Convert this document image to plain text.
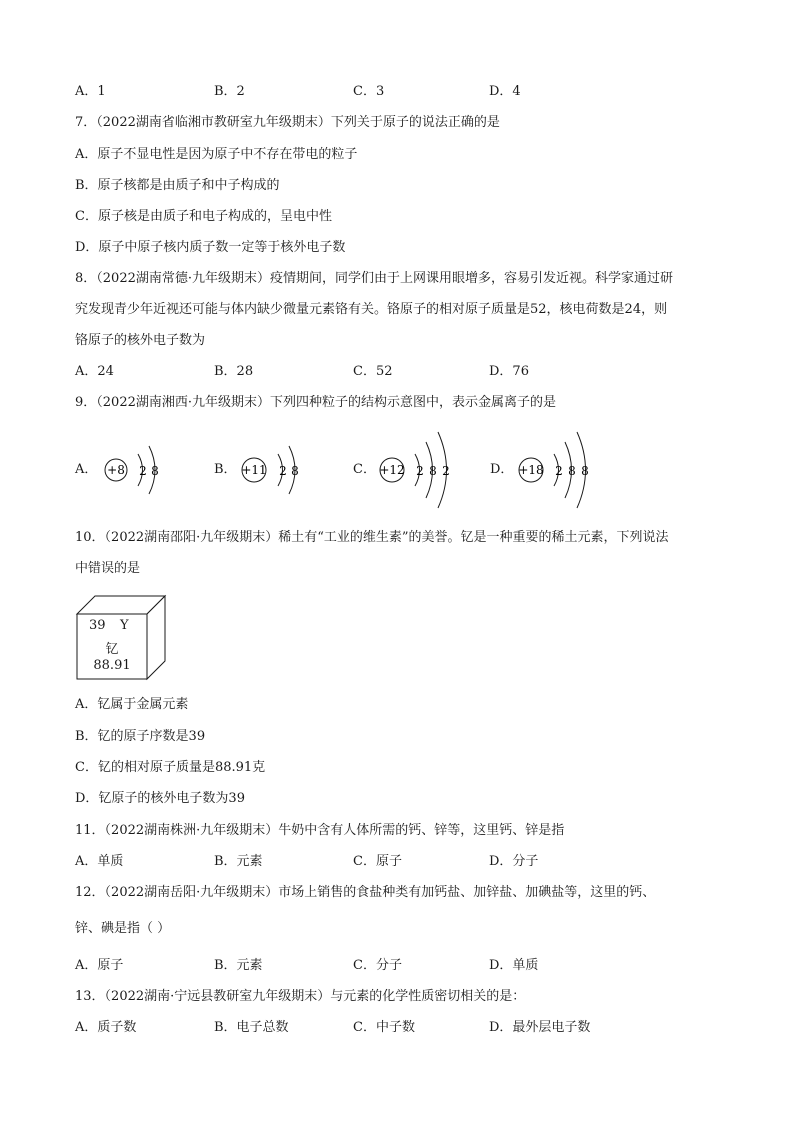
A．1	B．2	C．3	D．4
7．（2022湖南省临湘市教研室九年级期末）下列关于原子的说法正确的是
A．原子不显电性是因为原子中不存在带电的粒子
B．原子核都是由质子和中子构成的
C．原子核是由质子和电子构成的，呈电中性
D．原子中原子核内质子数一定等于核外电子数
8．（2022湖南常德·九年级期末）疫情期间，同学们由于上网课用眼增多，容易引发近视。科学家通过研
究发现青少年近视还可能与体内缺少微量元素铬有关。铬原子的相对原子质量是52，核电荷数是24，则
铬原子的核外电子数为
A．24	B．28	C．52	D．76
9．（2022湖南湘西·九年级期末）下列四种粒子的结构示意图中，表示金属离子的是
A． +8 2 8	B． +11 2 8	C． +12 2 8 2	D． +18 2 8 8
10．（2022湖南邵阳·九年级期末）稀土有“工业的维生素”的美誉。钇是一种重要的稀土元素，下列说法
中错误的是
39 Y
钇
88.91
A．钇属于金属元素
B．钇的原子序数是39
C．钇的相对原子质量是88.91克
D．钇原子的核外电子数为39
11．（2022湖南株洲·九年级期末）牛奶中含有人体所需的钙、锌等，这里钙、锌是指
A．单质	B．元素	C．原子	D．分子
12．（2022湖南岳阳·九年级期末）市场上销售的食盐种类有加钙盐、加锌盐、加碘盐等，这里的钙、
锌、碘是指（ ）
A．原子	B．元素	C．分子	D．单质
13．（2022湖南·宁远县教研室九年级期末）与元素的化学性质密切相关的是：
A．质子数	B．电子总数	C．中子数	D．最外层电子数
